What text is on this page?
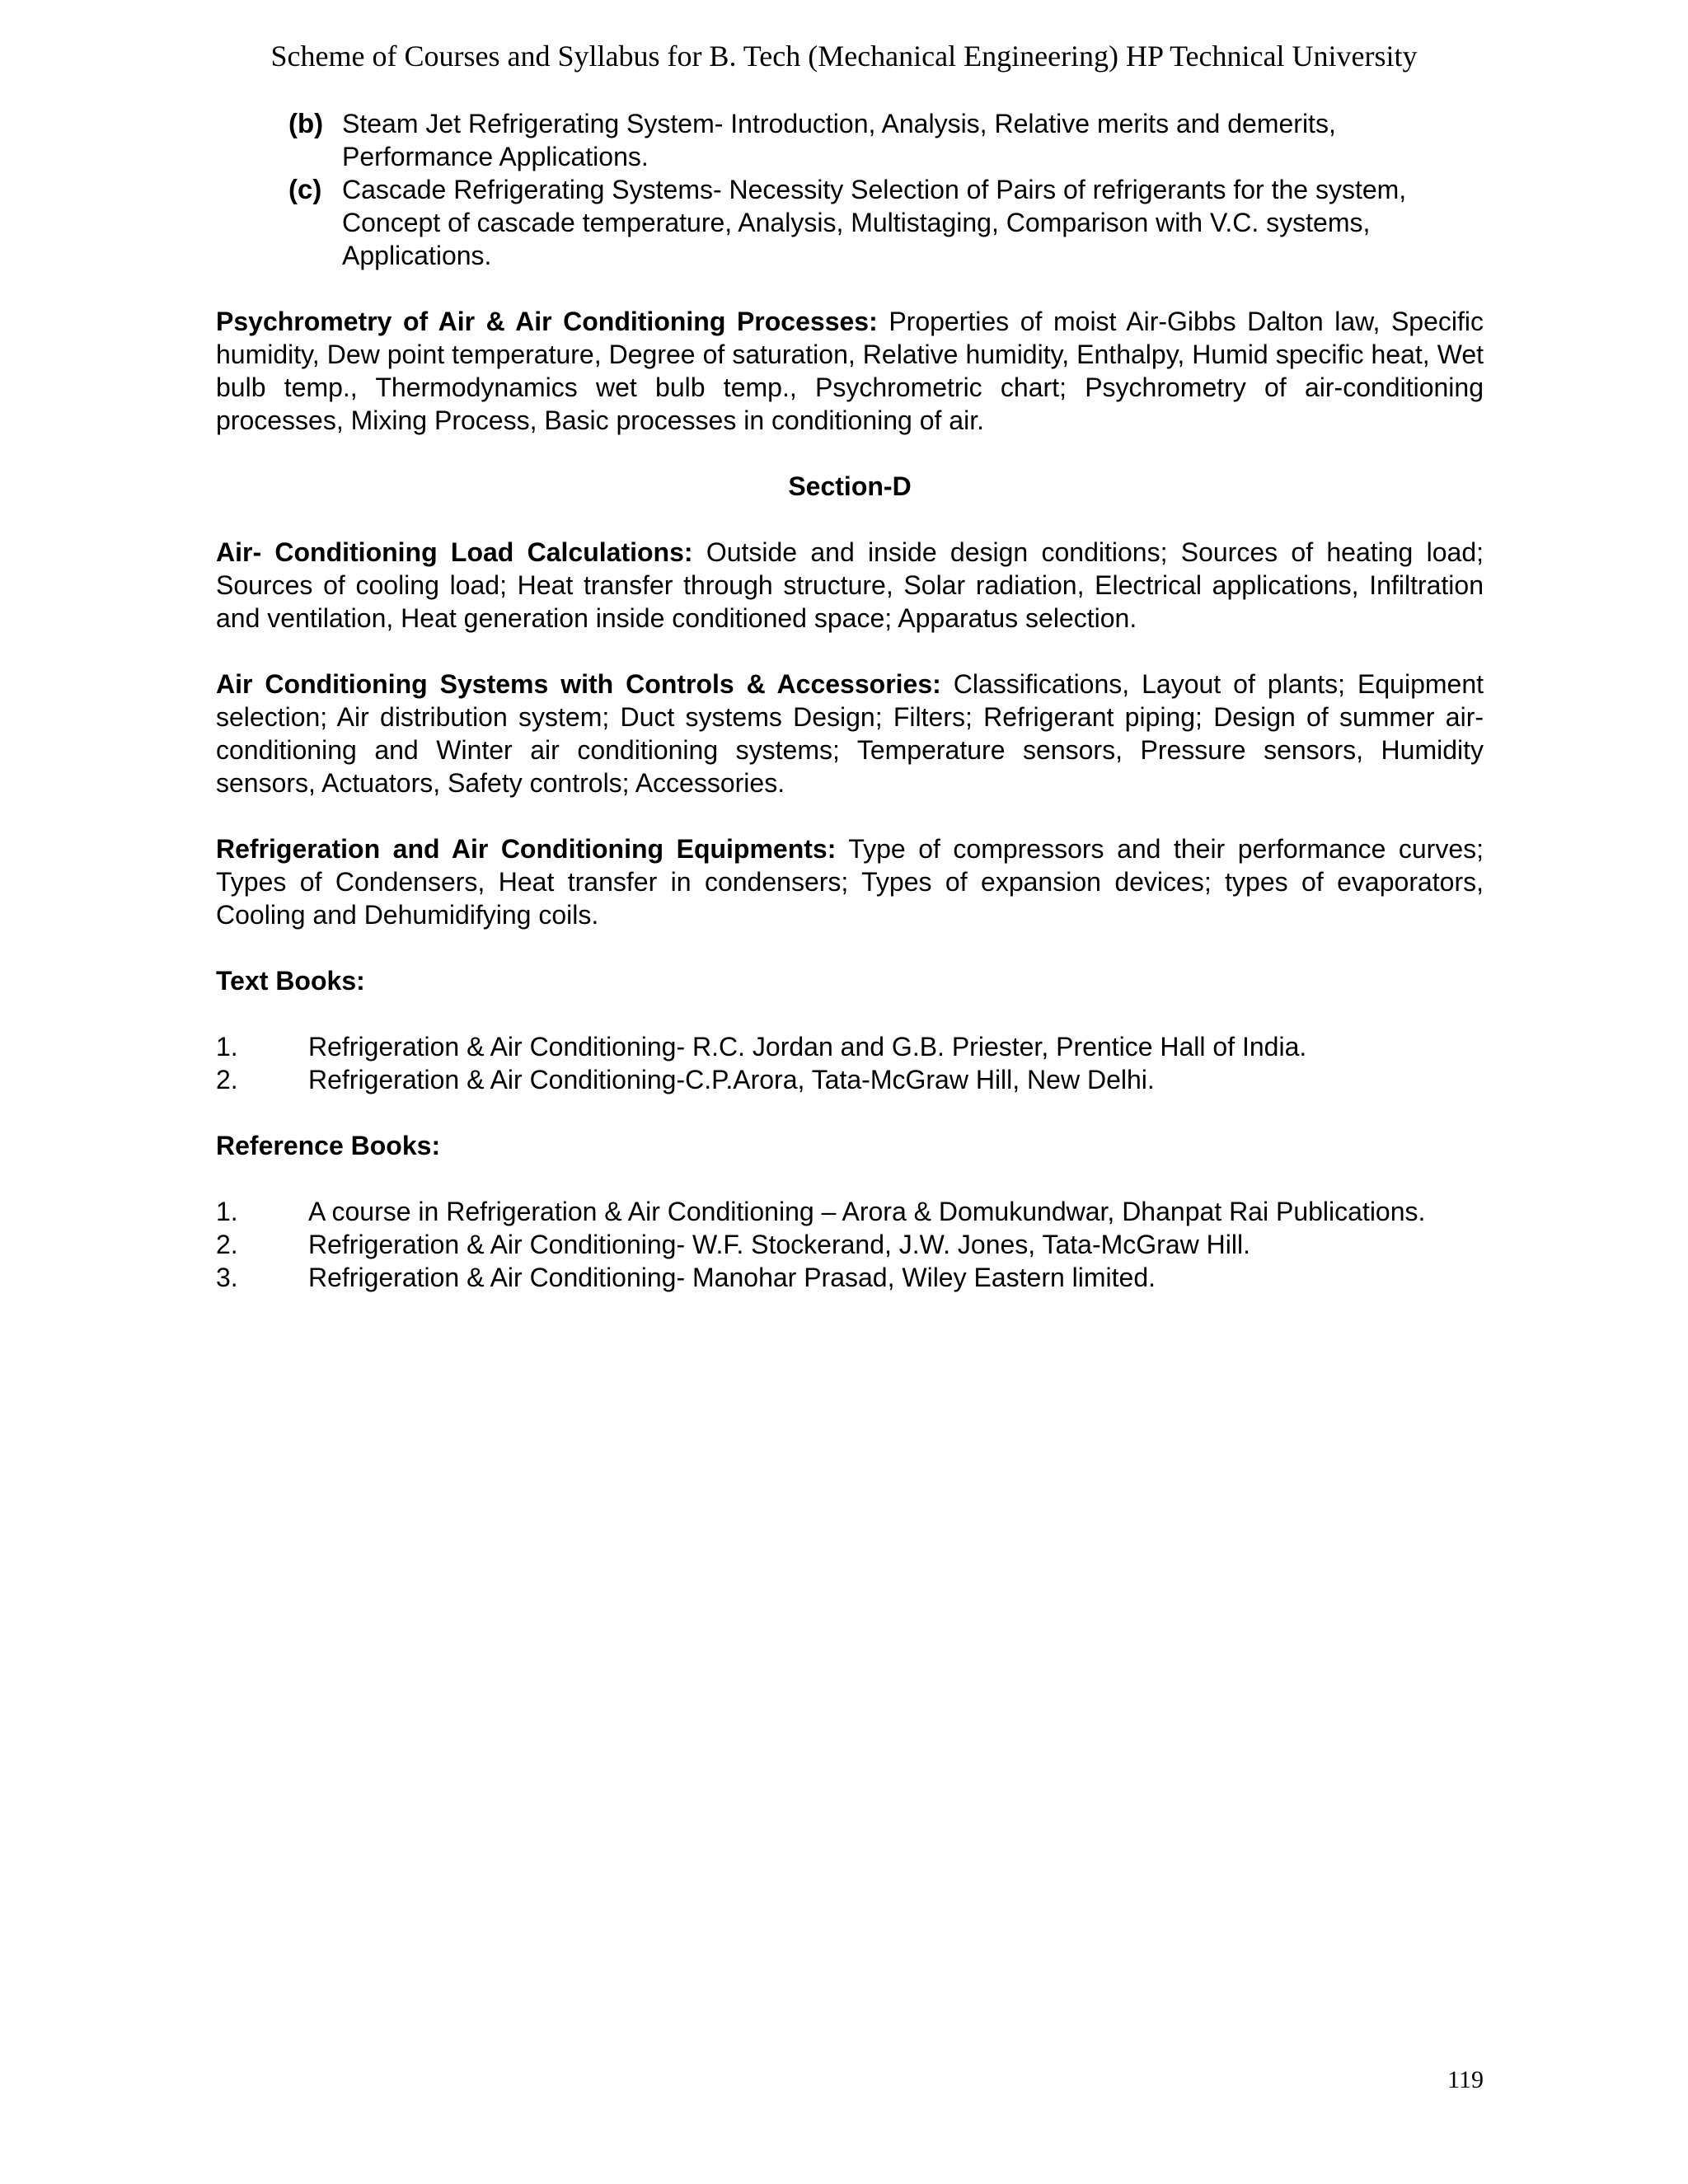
Scheme of Courses and Syllabus for B. Tech (Mechanical Engineering) HP Technical University
(b) Steam Jet Refrigerating System- Introduction, Analysis, Relative merits and demerits, Performance Applications.
(c) Cascade Refrigerating Systems- Necessity Selection of Pairs of refrigerants for the system, Concept of cascade temperature, Analysis, Multistaging, Comparison with V.C. systems, Applications.

Psychrometry of Air & Air Conditioning Processes: Properties of moist Air-Gibbs Dalton law, Specific humidity, Dew point temperature, Degree of saturation, Relative humidity, Enthalpy, Humid specific heat, Wet bulb temp., Thermodynamics wet bulb temp., Psychrometric chart; Psychrometry of air-conditioning processes, Mixing Process, Basic processes in conditioning of air.

Section-D

Air- Conditioning Load Calculations: Outside and inside design conditions; Sources of heating load; Sources of cooling load; Heat transfer through structure, Solar radiation, Electrical applications, Infiltration and ventilation, Heat generation inside conditioned space; Apparatus selection.

Air Conditioning Systems with Controls & Accessories: Classifications, Layout of plants; Equipment selection; Air distribution system; Duct systems Design; Filters; Refrigerant piping; Design of summer air-conditioning and Winter air conditioning systems; Temperature sensors, Pressure sensors, Humidity sensors, Actuators, Safety controls; Accessories.

Refrigeration and Air Conditioning Equipments: Type of compressors and their performance curves; Types of Condensers, Heat transfer in condensers; Types of expansion devices; types of evaporators, Cooling and Dehumidifying coils.

Text Books:

1.	Refrigeration & Air Conditioning- R.C. Jordan and G.B. Priester, Prentice Hall of India.
2.	Refrigeration & Air Conditioning-C.P.Arora, Tata-McGraw Hill, New Delhi.

Reference Books:

1.	A course in Refrigeration & Air Conditioning – Arora & Domukundwar, Dhanpat Rai Publications.
2.	Refrigeration & Air Conditioning- W.F. Stockerand, J.W. Jones, Tata-McGraw Hill.
3.	Refrigeration & Air Conditioning- Manohar Prasad, Wiley Eastern limited.
119
